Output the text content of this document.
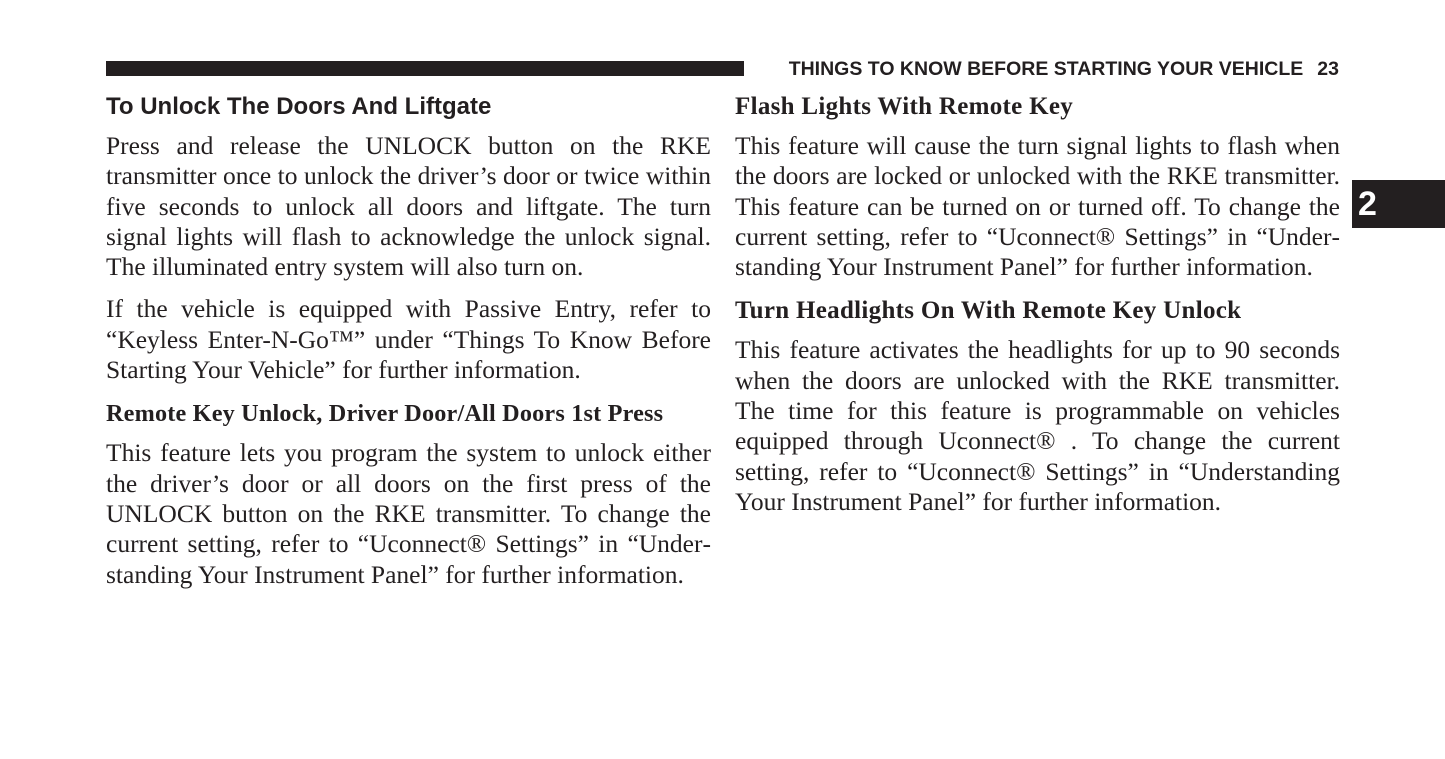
THINGS TO KNOW BEFORE STARTING YOUR VEHICLE 23
2
To Unlock The Doors And Liftgate

Press and release the UNLOCK button on the RKE transmitter once to unlock the driver’s door or twice within five seconds to unlock all doors and liftgate. The turn signal lights will flash to acknowledge the unlock signal. The illuminated entry system will also turn on.

If the vehicle is equipped with Passive Entry, refer to “Keyless Enter-N-Go™” under “Things To Know Before Starting Your Vehicle” for further information.

Remote Key Unlock, Driver Door/All Doors 1st Press

This feature lets you program the system to unlock either the driver’s door or all doors on the first press of the UNLOCK button on the RKE transmitter. To change the current setting, refer to “Uconnect® Settings” in “Understanding Your Instrument Panel” for further information.

Flash Lights With Remote Key

This feature will cause the turn signal lights to flash when the doors are locked or unlocked with the RKE transmitter. This feature can be turned on or turned off. To change the current setting, refer to “Uconnect® Settings” in “Understanding Your Instrument Panel” for further information.

Turn Headlights On With Remote Key Unlock

This feature activates the headlights for up to 90 seconds when the doors are unlocked with the RKE transmitter. The time for this feature is programmable on vehicles equipped through Uconnect® . To change the current setting, refer to “Uconnect® Settings” in “Understanding Your Instrument Panel” for further information.
